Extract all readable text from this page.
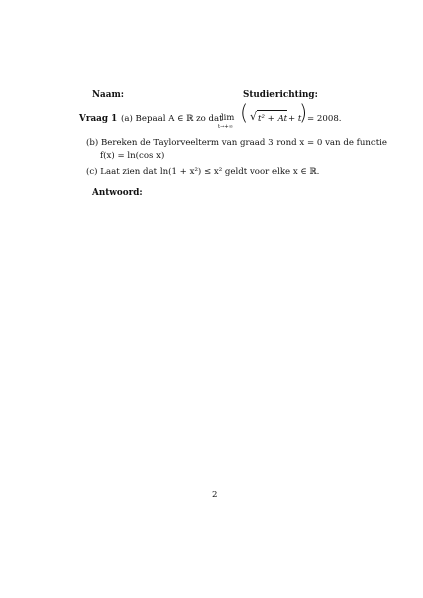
Naam:	Studierichting:
Vraag 1 (a) Bepaal A ∈ ℝ zo dat
lim
t→+∞
( √ t² + At + t
) = 2008.
(b) Bereken de Taylorveelterm van graad 3 rond x = 0 van de functie
f(x) = ln(cos x)
(c) Laat zien dat ln(1 + x²) ≤ x² geldt voor elke x ∈ ℝ.
Antwoord:
2
